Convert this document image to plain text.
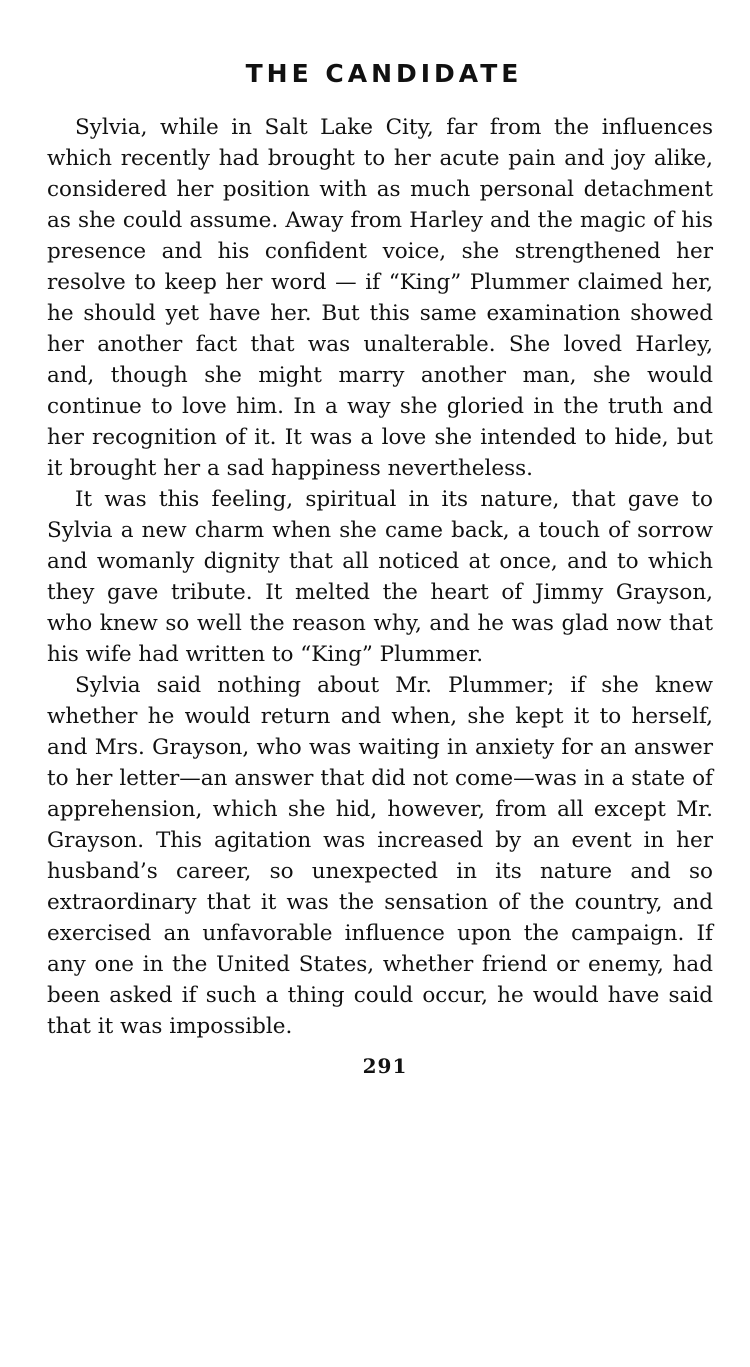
THE CANDIDATE

Sylvia, while in Salt Lake City, far from the influences which recently had brought to her acute pain and joy alike, considered her position with as much personal detachment as she could assume. Away from Harley and the magic of his presence and his confident voice, she strengthened her resolve to keep her word — if “King” Plummer claimed her, he should yet have her. But this same examination showed her another fact that was unalterable. She loved Harley, and, though she might marry another man, she would continue to love him. In a way she gloried in the truth and her recognition of it. It was a love she intended to hide, but it brought her a sad happiness nevertheless.

It was this feeling, spiritual in its nature, that gave to Sylvia a new charm when she came back, a touch of sorrow and womanly dignity that all noticed at once, and to which they gave tribute. It melted the heart of Jimmy Grayson, who knew so well the reason why, and he was glad now that his wife had written to “King” Plummer.

Sylvia said nothing about Mr. Plummer; if she knew whether he would return and when, she kept it to herself, and Mrs. Grayson, who was waiting in anxiety for an answer to her letter—an answer that did not come—was in a state of apprehension, which she hid, however, from all except Mr. Grayson. This agitation was increased by an event in her husband’s career, so unexpected in its nature and so extraordinary that it was the sensation of the country, and exercised an unfavorable influence upon the campaign. If any one in the United States, whether friend or enemy, had been asked if such a thing could occur, he would have said that it was impossible.

291
